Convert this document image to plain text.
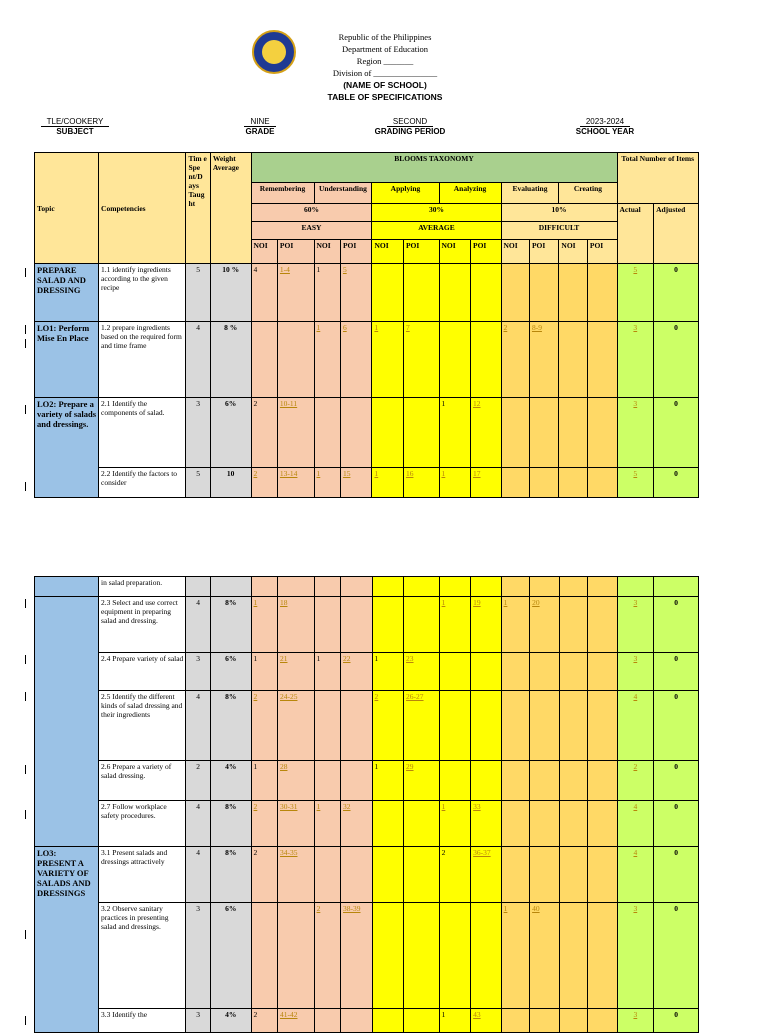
Republic of the Philippines
Department of Education
Region _______
Division of _______________
(NAME OF SCHOOL)
TABLE OF SPECIFICATIONS
TLE/COOKERY
SUBJECT
NINE
GRADE
SECOND
GRADING PERIOD
2023-2024
SCHOOL YEAR
Topic	Competencies	Tim e Spe nt/D ays Taug ht	Weight Average	BLOOMS TAXONOMY												Total Number of Items	
				Remembering		Understanding		Applying		Analyzing		Evaluating		Creating			
				60%				30%				10%				Actual	Adjusted
				EASY				AVERAGE				DIFFICULT					
				NOI	POI	NOI	POI	NOI	POI	NOI	POI	NOI	POI	NOI	POI		
PREPARE SALAD AND DRESSING	1.1 identify ingredients according to the given recipe	5	10 %	4	1-4	1	5									5	0
LO1: Perform Mise En Place	1.2 prepare ingredients based on the required form and time frame	4	8 %			1	6	1	7			2	8-9			3	0
LO2: Prepare a variety of salads and dressings.	2.1 Identify the components of salad.	3	6%	2	10-11					1	12					3	0
	2.2 Identify the factors to consider	5	10	2	13-14	1	15	1	16	1	17					5	0
	in salad preparation.																
	2.3 Select and use correct equipment in preparing salad and dressing.	4	8%	1	18					1	19	1	20			3	0
	2.4 Prepare variety of salad	3	6%	1	21	1	22	1	23							3	0
	2.5 Identify the different kinds of salad dressing and their ingredients	4	8%	2	24-25			2	26-27							4	0
	2.6 Prepare a variety of salad dressing.	2	4%	1	28			1	29							2	0
	2.7 Follow workplace safety procedures.	4	8%	2	30-31	1	32			1	33					4	0
LO3: PRESENT A VARIETY OF SALADS AND DRESSINGS	3.1 Present salads and dressings attractively	4	8%	2	34-35					2	36-37					4	0
	3.2 Observe sanitary practices in presenting salad and dressings.	3	6%			2	38-39					1	40			3	0
	3.3 Identify the	3	4%	2	41-42					1	43					3	0
